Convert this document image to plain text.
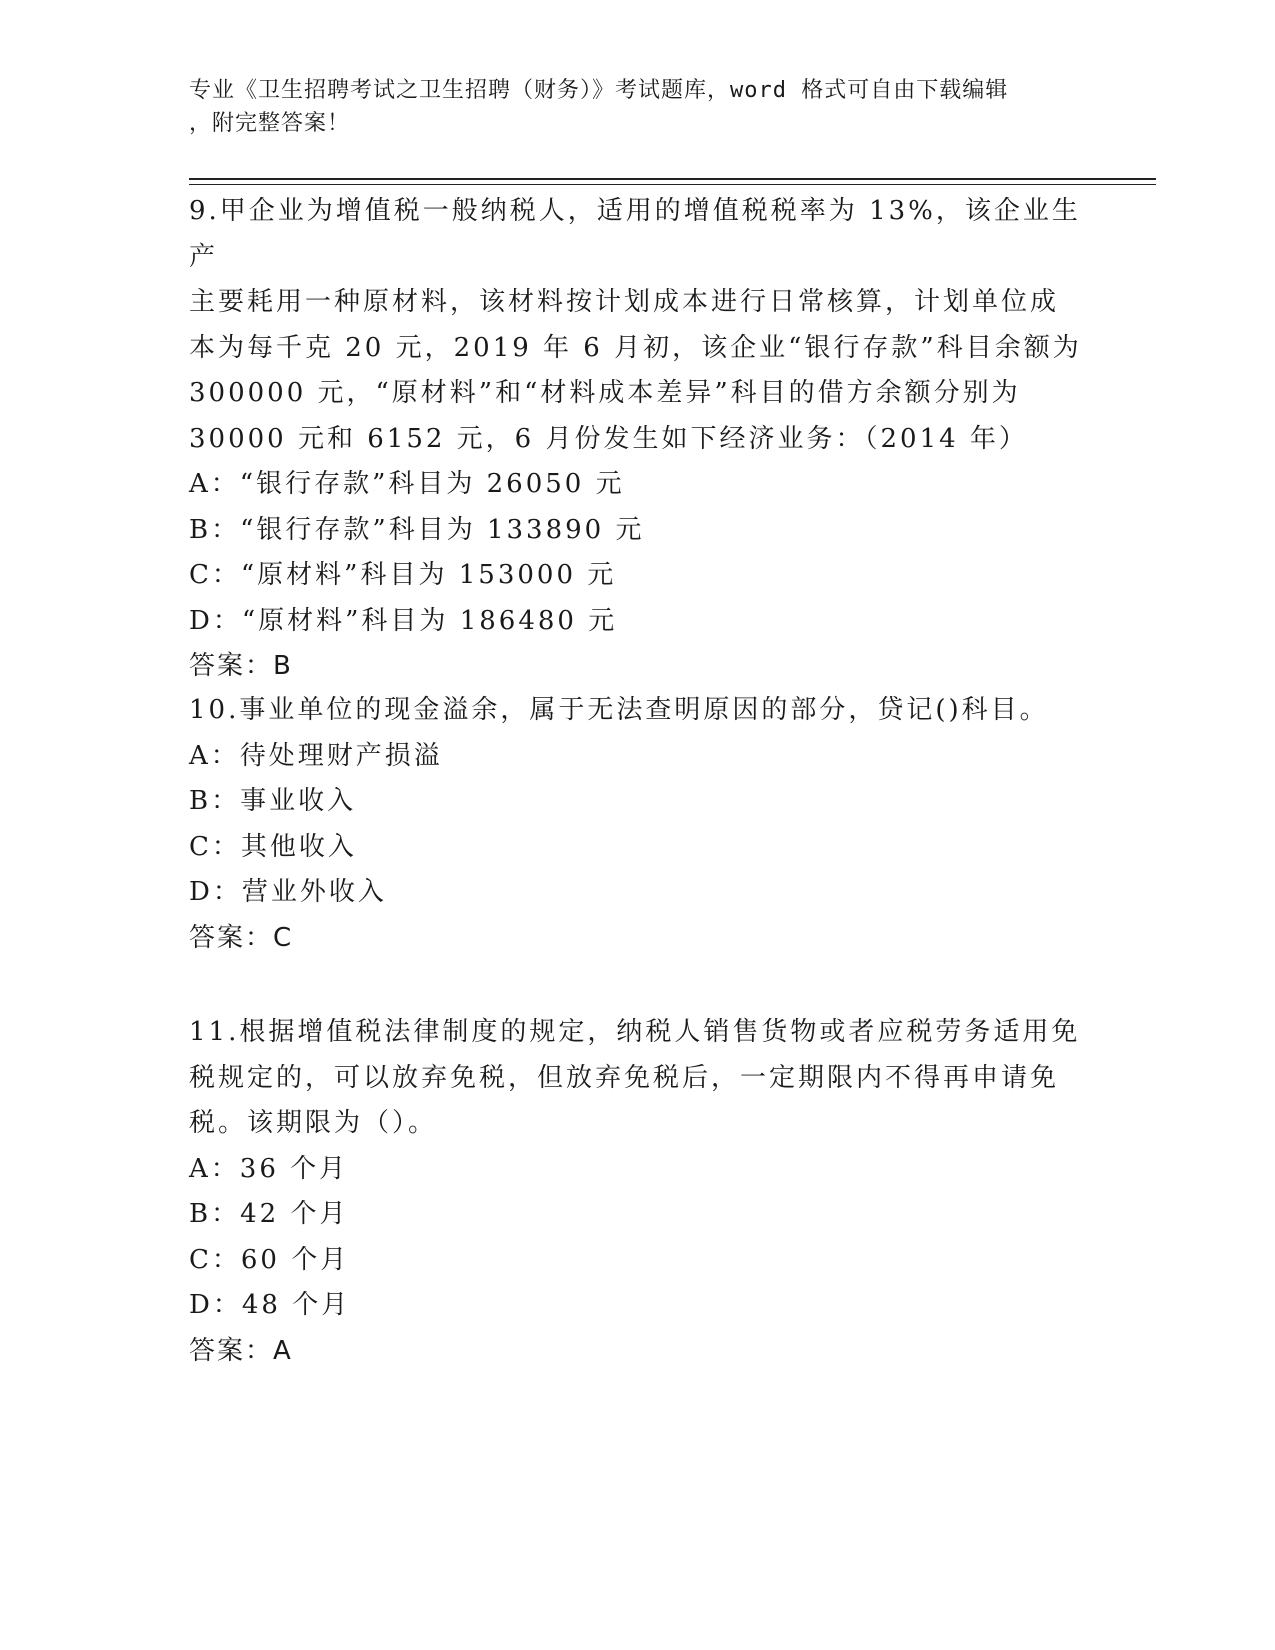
专业《卫生招聘考试之卫生招聘（财务）》考试题库，word 格式可自由下载编辑
，附完整答案！
9.甲企业为增值税一般纳税人，适用的增值税税率为 13%，该企业生产
主要耗用一种原材料，该材料按计划成本进行日常核算，计划单位成
本为每千克 20 元，2019 年 6 月初，该企业“银行存款”科目余额为
300000 元，“原材料”和“材料成本差异”科目的借方余额分别为
30000 元和 6152 元，6 月份发生如下经济业务：（2014 年）
A：“银行存款”科目为 26050 元
B：“银行存款”科目为 133890 元
C：“原材料”科目为 153000 元
D：“原材料”科目为 186480 元
答案：B
10.事业单位的现金溢余，属于无法查明原因的部分，贷记()科目。
A：待处理财产损溢
B：事业收入
C：其他收入
D：营业外收入
答案：C
11.根据增值税法律制度的规定，纳税人销售货物或者应税劳务适用免
税规定的，可以放弃免税，但放弃免税后，一定期限内不得再申请免
税。该期限为（）。
A：36 个月
B：42 个月
C：60 个月
D：48 个月
答案：A
